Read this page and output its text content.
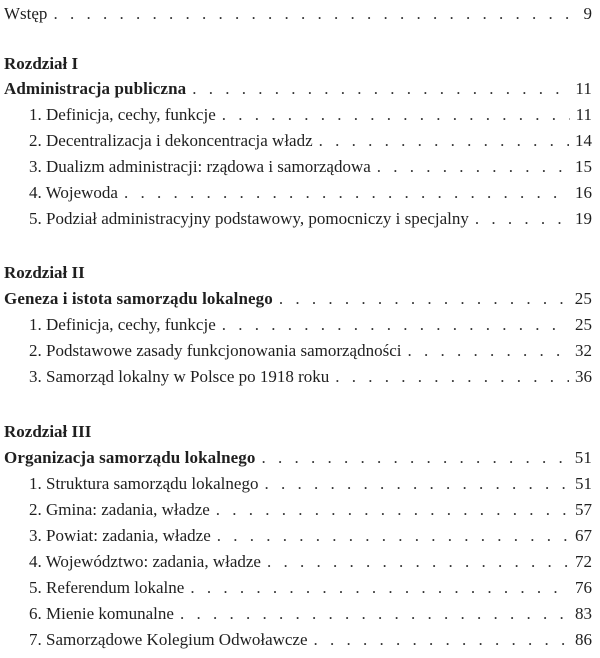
Wstęp . . .	9
Rozdział I
Administracja publiczna . . .	11
1. Definicja, cechy, funkcje . . .	11
2. Decentralizacja i dekoncentracja władz . . .	14
3. Dualizm administracji: rządowa i samorządowa . . .	15
4. Wojewoda . . .	16
5. Podział administracyjny podstawowy, pomocniczy i specjalny . . .	19
Rozdział II
Geneza i istota samorządu lokalnego . . .	25
1. Definicja, cechy, funkcje . . .	25
2. Podstawowe zasady funkcjonowania samorządności . . .	32
3. Samorząd lokalny w Polsce po 1918 roku . . .	36
Rozdział III
Organizacja samorządu lokalnego . . .	51
1. Struktura samorządu lokalnego . . .	51
2. Gmina: zadania, władze . . .	57
3. Powiat: zadania, władze . . .	67
4. Województwo: zadania, władze . . .	72
5. Referendum lokalne . . .	76
6. Mienie komunalne . . .	83
7. Samorządowe Kolegium Odwoławcze . . .	86
